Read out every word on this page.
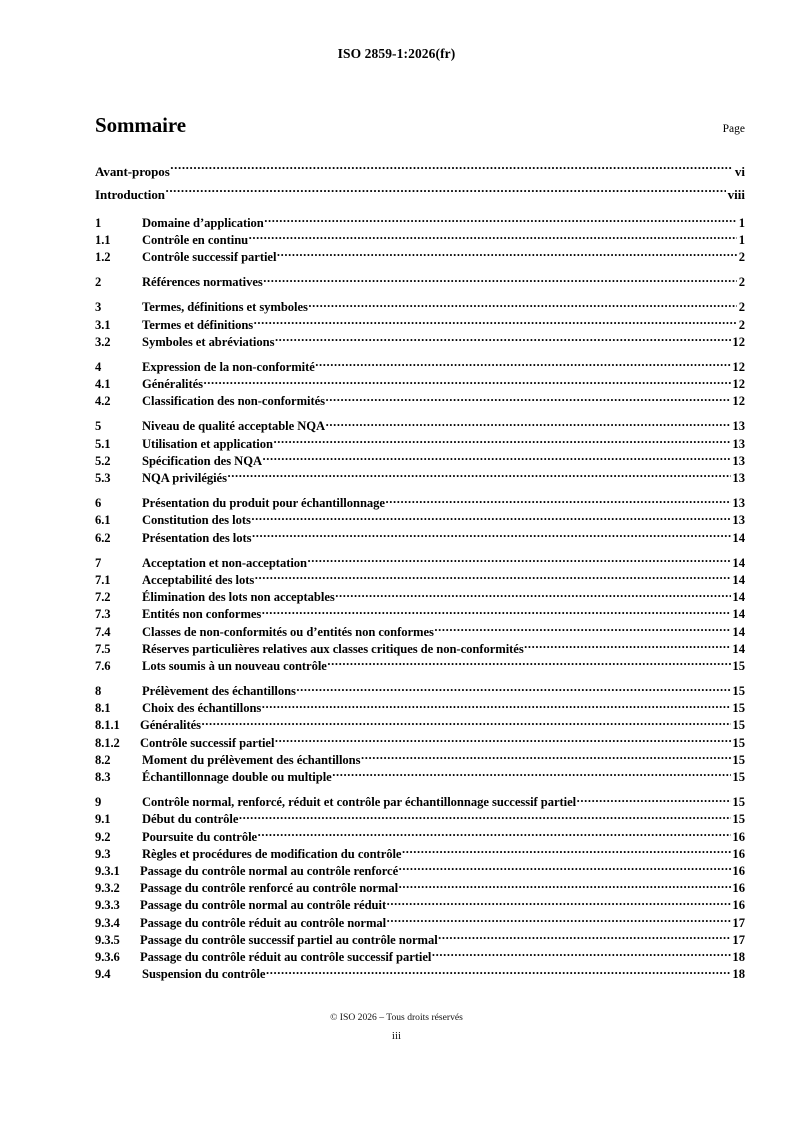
ISO 2859-1:2026(fr)
Sommaire	Page
Avant-propos .....	vi
Introduction .....	viii
1	Domaine d’application .....	1
1.1	Contrôle en continu .....	1
1.2	Contrôle successif partiel .....	2
2	Références normatives .....	2
3	Termes, définitions et symboles .....	2
3.1	Termes et définitions .....	2
3.2	Symboles et abréviations .....	12
4	Expression de la non-conformité .....	12
4.1	Généralités .....	12
4.2	Classification des non-conformités .....	12
5	Niveau de qualité acceptable NQA .....	13
5.1	Utilisation et application .....	13
5.2	Spécification des NQA .....	13
5.3	NQA privilégiés .....	13
6	Présentation du produit pour échantillonnage .....	13
6.1	Constitution des lots .....	13
6.2	Présentation des lots .....	14
7	Acceptation et non-acceptation .....	14
7.1	Acceptabilité des lots .....	14
7.2	Élimination des lots non acceptables .....	14
7.3	Entités non conformes .....	14
7.4	Classes de non-conformités ou d’entités non conformes .....	14
7.5	Réserves particulières relatives aux classes critiques de non-conformités .....	14
7.6	Lots soumis à un nouveau contrôle .....	15
8	Prélèvement des échantillons .....	15
8.1	Choix des échantillons .....	15
8.1.1	Généralités .....	15
8.1.2	Contrôle successif partiel .....	15
8.2	Moment du prélèvement des échantillons .....	15
8.3	Échantillonnage double ou multiple .....	15
9	Contrôle normal, renforcé, réduit et contrôle par échantillonnage successif partiel .....	15
9.1	Début du contrôle .....	15
9.2	Poursuite du contrôle .....	16
9.3	Règles et procédures de modification du contrôle .....	16
9.3.1	Passage du contrôle normal au contrôle renforcé .....	16
9.3.2	Passage du contrôle renforcé au contrôle normal .....	16
9.3.3	Passage du contrôle normal au contrôle réduit .....	16
9.3.4	Passage du contrôle réduit au contrôle normal .....	17
9.3.5	Passage du contrôle successif partiel au contrôle normal .....	17
9.3.6	Passage du contrôle réduit au contrôle successif partiel .....	18
9.4	Suspension du contrôle .....	18
© ISO 2026 – Tous droits réservés
iii
